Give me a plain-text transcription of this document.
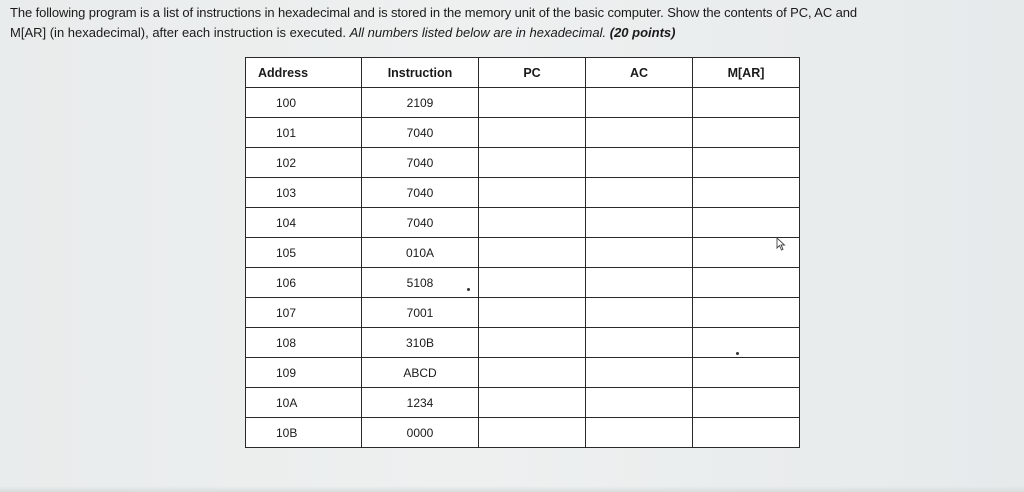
The following program is a list of instructions in hexadecimal and is stored in the memory unit of the basic computer. Show the contents of PC, AC and
M[AR] (in hexadecimal), after each instruction is executed. All numbers listed below are in hexadecimal. (20 points)
Address	Instruction	PC	AC	M[AR]
100	2109			
101	7040			
102	7040			
103	7040			
104	7040			
105	010A			
106	5108			
107	7001			
108	310B			
109	ABCD			
10A	1234			
10B	0000			
